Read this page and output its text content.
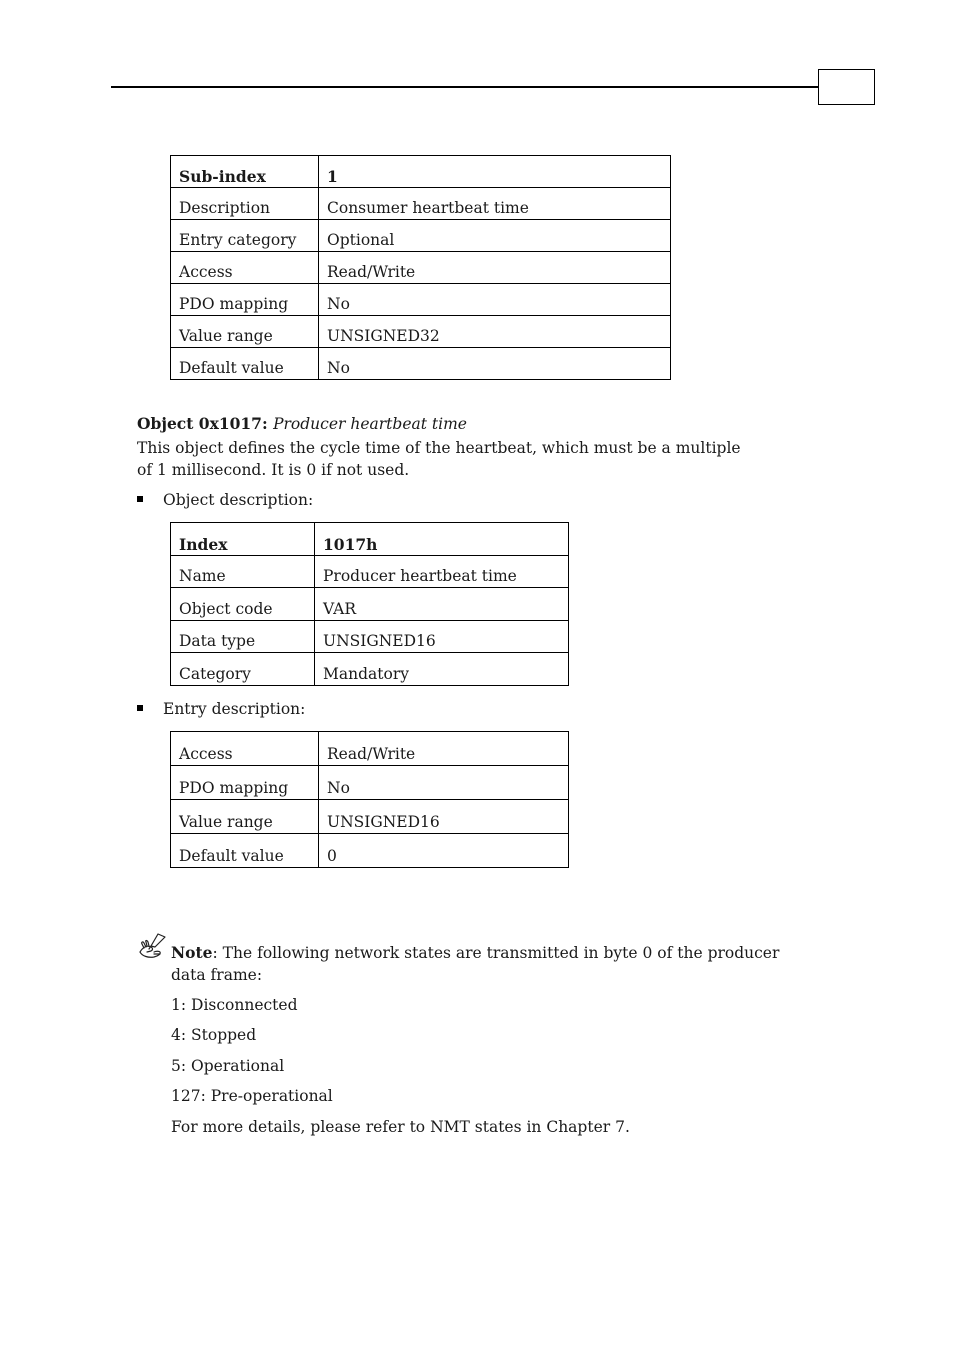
Sub-index	1
Description	Consumer heartbeat time
Entry category	Optional
Access	Read/Write
PDO mapping	No
Value range	UNSIGNED32
Default value	No
Object 0x1017: Producer heartbeat time
This object defines the cycle time of the heartbeat, which must be a multiple of 1 millisecond. It is 0 if not used.
Object description:
Index	1017h
Name	Producer heartbeat time
Object code	VAR
Data type	UNSIGNED16
Category	Mandatory
Entry description:
Access	Read/Write
PDO mapping	No
Value range	UNSIGNED16
Default value	0
Note: The following network states are transmitted in byte 0 of the producer data frame:
1: Disconnected
4: Stopped
5: Operational
127: Pre-operational
For more details, please refer to NMT states in Chapter 7.
